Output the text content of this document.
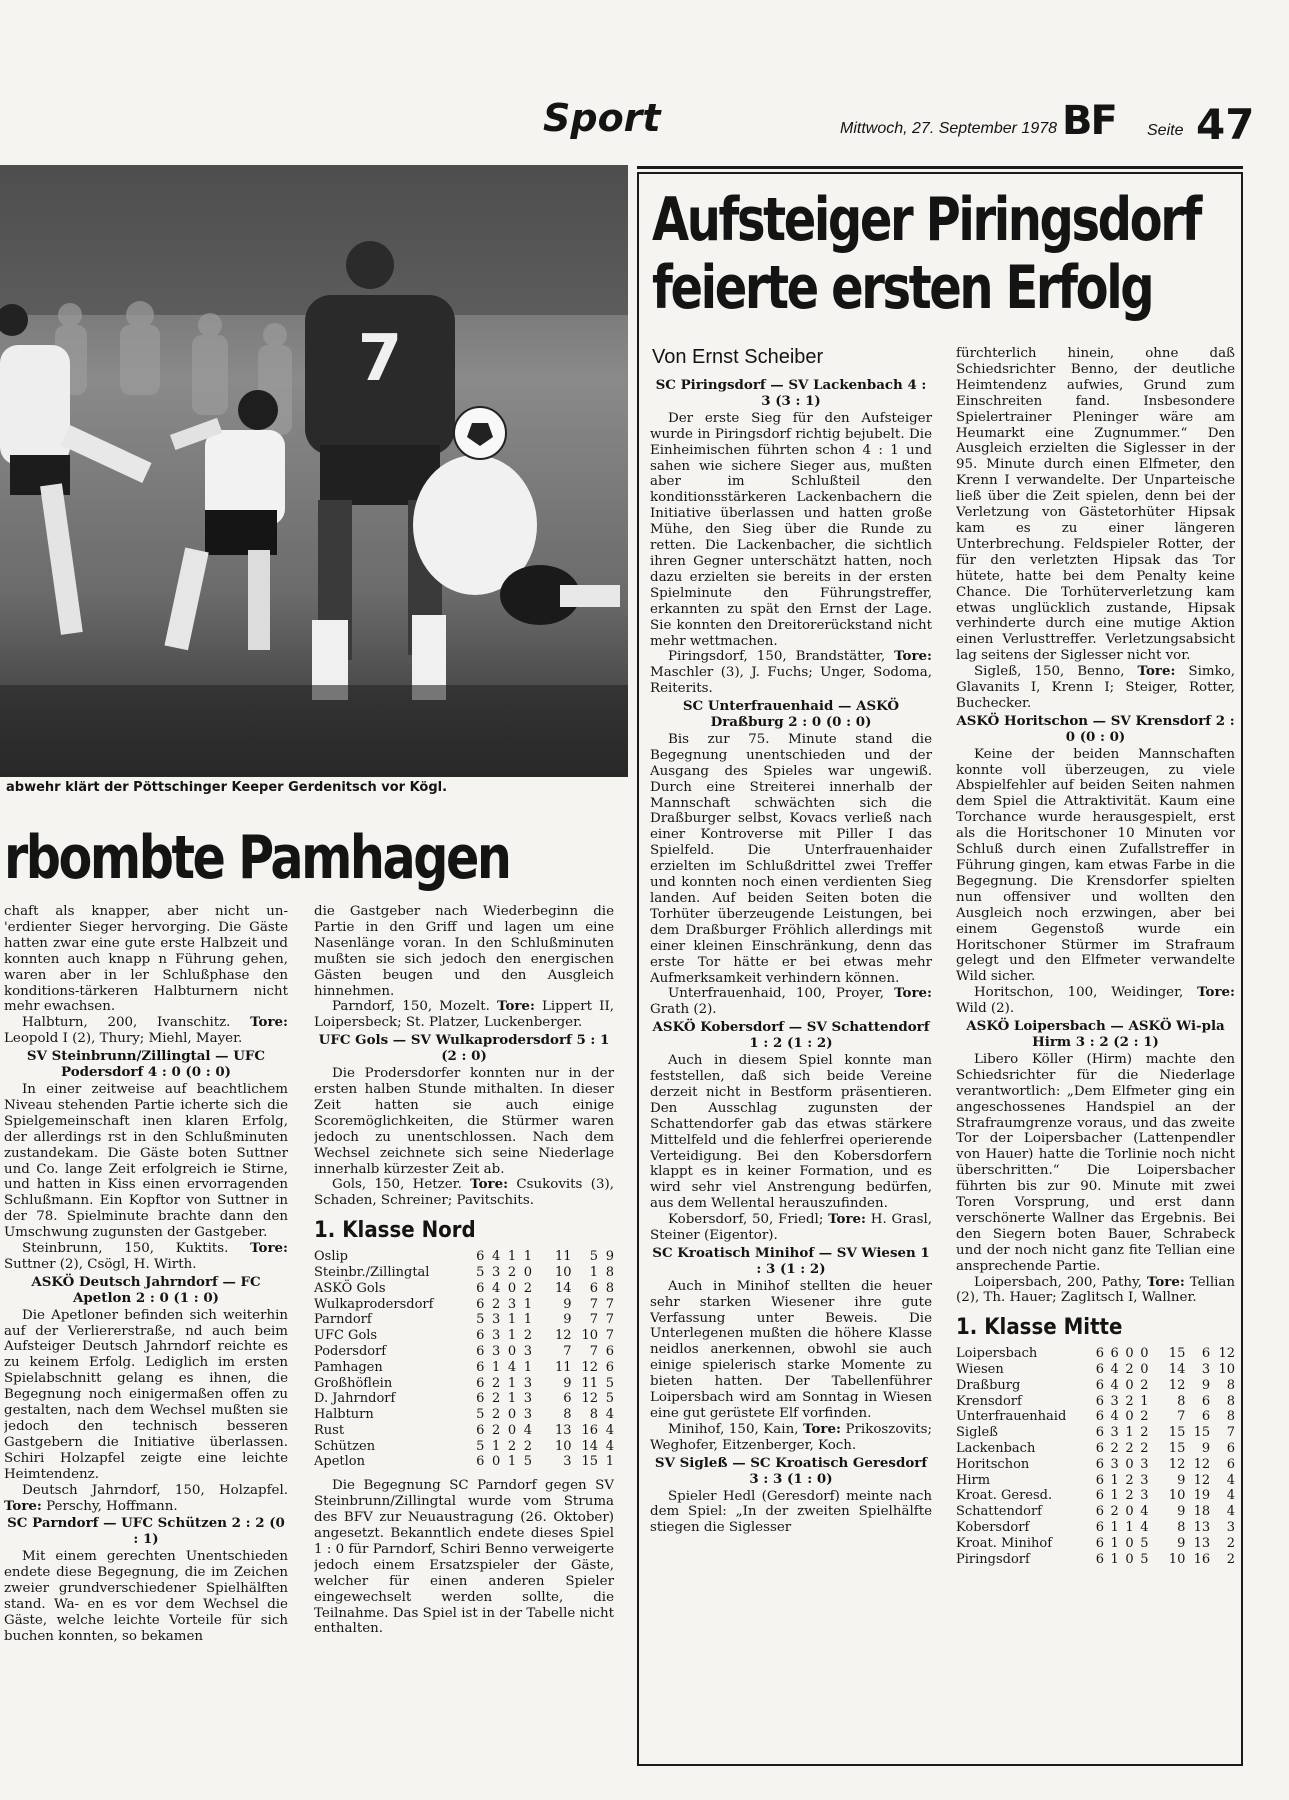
Sport	Mittwoch, 27. September 1978 BF Seite 47
7
abwehr klärt der Pöttschinger Keeper Gerdenitsch vor Kögl.
rbombte Pamhagen

chaft als knapper, aber nicht un-'erdienter Sieger hervorging. Die Gäste hatten zwar eine gute erste Halbzeit und konnten auch knapp n Führung gehen, waren aber in ler Schlußphase den konditions-tärkeren Halbturnern nicht mehr ewachsen.

Halbturn, 200, Ivanschitz. Tore: Leopold I (2), Thury; Miehl, Mayer.
SV Steinbrunn/Zillingtal — UFC Podersdorf 4 : 0 (0 : 0)

In einer zeitweise auf beachtlichem Niveau stehenden Partie icherte sich die Spielgemeinschaft inen klaren Erfolg, der allerdings rst in den Schlußminuten zustandekam. Die Gäste boten Suttner und Co. lange Zeit erfolgreich ie Stirne, und hatten in Kiss einen ervorragenden Schlußmann. Ein Kopftor von Suttner in der 78. Spielminute brachte dann den Umschwung zugunsten der Gastgeber.

Steinbrunn, 150, Kuktits. Tore: Suttner (2), Csögl, H. Wirth.
ASKÖ Deutsch Jahrndorf — FC Apetlon 2 : 0 (1 : 0)

Die Apetloner befinden sich weiterhin auf der Verliererstraße, nd auch beim Aufsteiger Deutsch Jahrndorf reichte es zu keinem Erfolg. Lediglich im ersten Spielabschnitt gelang es ihnen, die Begegnung noch einigermaßen offen zu gestalten, nach dem Wechsel mußten sie jedoch den technisch besseren Gastgebern die Initiative überlassen. Schiri Holzapfel zeigte eine leichte Heimtendenz.

Deutsch Jahrndorf, 150, Holzapfel. Tore: Perschy, Hoffmann.
SC Parndorf — UFC Schützen 2 : 2 (0 : 1)

Mit einem gerechten Unentschieden endete diese Begegnung, die im Zeichen zweier grundverschiedener Spielhälften stand. Wa- en es vor dem Wechsel die Gäste, welche leichte Vorteile für sich buchen konnten, so bekamen

die Gastgeber nach Wiederbeginn die Partie in den Griff und lagen um eine Nasenlänge voran. In den Schlußminuten mußten sie sich jedoch den energischen Gästen beugen und den Ausgleich hinnehmen.

Parndorf, 150, Mozelt. Tore: Lippert II, Loipersbeck; St. Platzer, Luckenberger.
UFC Gols — SV Wulkaprodersdorf 5 : 1 (2 : 0)

Die Prodersdorfer konnten nur in der ersten halben Stunde mithalten. In dieser Zeit hatten sie auch einige Scoremöglichkeiten, die Stürmer waren jedoch zu unentschlossen. Nach dem Wechsel zeichnete sich seine Niederlage innerhalb kürzester Zeit ab.

Gols, 150, Hetzer. Tore: Csukovits (3), Schaden, Schreiner; Pavitschits.
1. Klasse Nord
Oslip	6	4	1	1	11	5	9
Steinbr./Zillingtal	5	3	2	0	10	1	8
ASKÖ Gols	6	4	0	2	14	6	8
Wulkaprodersdorf	6	2	3	1	9	7	7
Parndorf	5	3	1	1	9	7	7
UFC Gols	6	3	1	2	12	10	7
Podersdorf	6	3	0	3	7	7	6
Pamhagen	6	1	4	1	11	12	6
Großhöflein	6	2	1	3	9	11	5
D. Jahrndorf	6	2	1	3	6	12	5
Halbturn	5	2	0	3	8	8	4
Rust	6	2	0	4	13	16	4
Schützen	5	1	2	2	10	14	4
Apetlon	6	0	1	5	3	15	1

Die Begegnung SC Parndorf gegen SV Steinbrunn/Zillingtal wurde vom Struma des BFV zur Neuaustragung (26. Oktober) angesetzt. Bekanntlich endete dieses Spiel 1 : 0 für Parndorf, Schiri Benno verweigerte jedoch einem Ersatzspieler der Gäste, welcher für einen anderen Spieler eingewechselt werden sollte, die Teilnahme. Das Spiel ist in der Tabelle nicht enthalten.

Aufsteiger Piringsdorf
feierte ersten Erfolg
Von Ernst Scheiber
SC Piringsdorf — SV Lackenbach 4 : 3 (3 : 1)

Der erste Sieg für den Aufsteiger wurde in Piringsdorf richtig bejubelt. Die Einheimischen führten schon 4 : 1 und sahen wie sichere Sieger aus, mußten aber im Schlußteil den konditionsstärkeren Lackenbachern die Initiative überlassen und hatten große Mühe, den Sieg über die Runde zu retten. Die Lackenbacher, die sichtlich ihren Gegner unterschätzt hatten, noch dazu erzielten sie bereits in der ersten Spielminute den Führungstreffer, erkannten zu spät den Ernst der Lage. Sie konnten den Dreitorerückstand nicht mehr wettmachen.

Piringsdorf, 150, Brandstätter, Tore: Maschler (3), J. Fuchs; Unger, Sodoma, Reiterits.
SC Unterfrauenhaid — ASKÖ Draßburg 2 : 0 (0 : 0)

Bis zur 75. Minute stand die Begegnung unentschieden und der Ausgang des Spieles war ungewiß. Durch eine Streiterei innerhalb der Mannschaft schwächten sich die Draßburger selbst, Kovacs verließ nach einer Kontroverse mit Piller I das Spielfeld. Die Unterfrauenhaider erzielten im Schlußdrittel zwei Treffer und konnten noch einen verdienten Sieg landen. Auf beiden Seiten boten die Torhüter überzeugende Leistungen, bei dem Draßburger Fröhlich allerdings mit einer kleinen Einschränkung, denn das erste Tor hätte er bei etwas mehr Aufmerksamkeit verhindern können.

Unterfrauenhaid, 100, Proyer, Tore: Grath (2).
ASKÖ Kobersdorf — SV Schattendorf 1 : 2 (1 : 2)

Auch in diesem Spiel konnte man feststellen, daß sich beide Vereine derzeit nicht in Bestform präsentieren. Den Ausschlag zugunsten der Schattendorfer gab das etwas stärkere Mittelfeld und die fehlerfrei operierende Verteidigung. Bei den Kobersdorfern klappt es in keiner Formation, und es wird sehr viel Anstrengung bedürfen, aus dem Wellental herauszufinden.

Kobersdorf, 50, Friedl; Tore: H. Grasl, Steiner (Eigentor).
SC Kroatisch Minihof — SV Wiesen 1 : 3 (1 : 2)

Auch in Minihof stellten die heuer sehr starken Wiesener ihre gute Verfassung unter Beweis. Die Unterlegenen mußten die höhere Klasse neidlos anerkennen, obwohl sie auch einige spielerisch starke Momente zu bieten hatten. Der Tabellenführer Loipersbach wird am Sonntag in Wiesen eine gut gerüstete Elf vorfinden.

Minihof, 150, Kain, Tore: Prikoszovits; Weghofer, Eitzenberger, Koch.
SV Sigleß — SC Kroatisch Geresdorf 3 : 3 (1 : 0)

Spieler Hedl (Geresdorf) meinte nach dem Spiel: „In der zweiten Spielhälfte stiegen die Siglesser

fürchterlich hinein, ohne daß Schiedsrichter Benno, der deutliche Heimtendenz aufwies, Grund zum Einschreiten fand. Insbesondere Spielertrainer Pleninger wäre am Heumarkt eine Zugnummer.“ Den Ausgleich erzielten die Siglesser in der 95. Minute durch einen Elfmeter, den Krenn I verwandelte. Der Unparteische ließ über die Zeit spielen, denn bei der Verletzung von Gästetorhüter Hipsak kam es zu einer längeren Unterbrechung. Feldspieler Rotter, der für den verletzten Hipsak das Tor hütete, hatte bei dem Penalty keine Chance. Die Torhüterverletzung kam etwas unglücklich zustande, Hipsak verhinderte durch eine mutige Aktion einen Verlusttreffer. Verletzungsabsicht lag seitens der Siglesser nicht vor.

Sigleß, 150, Benno, Tore: Simko, Glavanits I, Krenn I; Steiger, Rotter, Buchecker.
ASKÖ Horitschon — SV Krensdorf 2 : 0 (0 : 0)

Keine der beiden Mannschaften konnte voll überzeugen, zu viele Abspielfehler auf beiden Seiten nahmen dem Spiel die Attraktivität. Kaum eine Torchance wurde herausgespielt, erst als die Horitschoner 10 Minuten vor Schluß durch einen Zufallstreffer in Führung gingen, kam etwas Farbe in die Begegnung. Die Krensdorfer spielten nun offensiver und wollten den Ausgleich noch erzwingen, aber bei einem Gegenstoß wurde ein Horitschoner Stürmer im Strafraum gelegt und den Elfmeter verwandelte Wild sicher.

Horitschon, 100, Weidinger, Tore: Wild (2).
ASKÖ Loipersbach — ASKÖ Wi-pla Hirm 3 : 2 (2 : 1)

Libero Köller (Hirm) machte den Schiedsrichter für die Niederlage verantwortlich: „Dem Elfmeter ging ein angeschossenes Handspiel an der Strafraumgrenze voraus, und das zweite Tor der Loipersbacher (Lattenpendler von Hauer) hatte die Torlinie noch nicht überschritten.“ Die Loipersbacher führten bis zur 90. Minute mit zwei Toren Vorsprung, und erst dann verschönerte Wallner das Ergebnis. Bei den Siegern boten Bauer, Schrabeck und der noch nicht ganz fite Tellian eine ansprechende Partie.

Loipersbach, 200, Pathy, Tore: Tellian (2), Th. Hauer; Zaglitsch I, Wallner.
1. Klasse Mitte
Loipersbach	6	6	0	0	15	6	12
Wiesen	6	4	2	0	14	3	10
Draßburg	6	4	0	2	12	9	8
Krensdorf	6	3	2	1	8	6	8
Unterfrauenhaid	6	4	0	2	7	6	8
Sigleß	6	3	1	2	15	15	7
Lackenbach	6	2	2	2	15	9	6
Horitschon	6	3	0	3	12	12	6
Hirm	6	1	2	3	9	12	4
Kroat. Geresd.	6	1	2	3	10	19	4
Schattendorf	6	2	0	4	9	18	4
Kobersdorf	6	1	1	4	8	13	3
Kroat. Minihof	6	1	0	5	9	13	2
Piringsdorf	6	1	0	5	10	16	2
